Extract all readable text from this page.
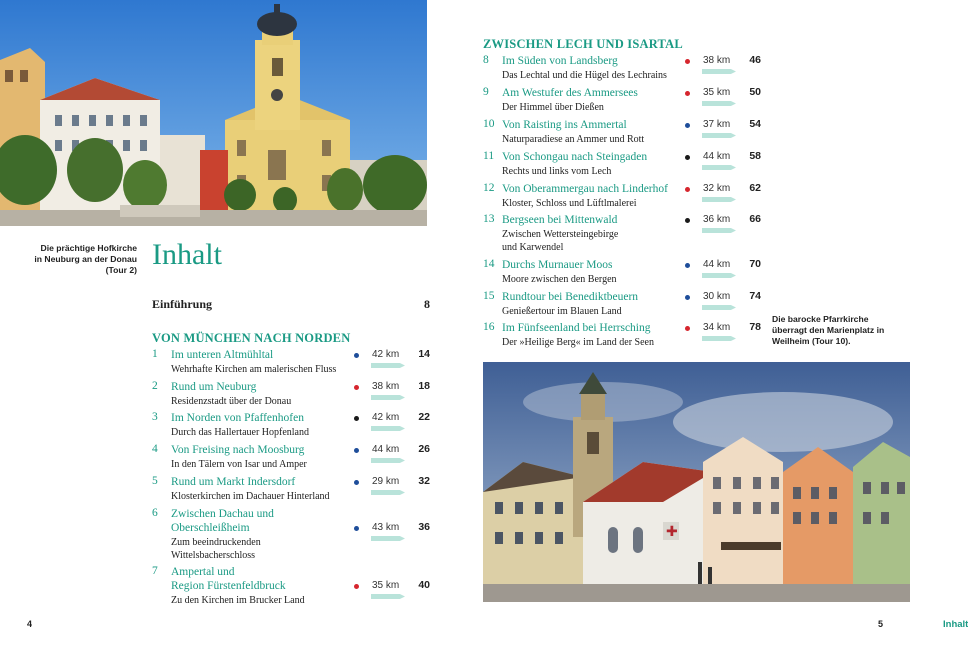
Die prächtige Hofkirche
in Neuburg an der Donau
(Tour 2) Inhalt
Einführung	8
VON MÜNCHEN NACH NORDEN
1 Im unteren Altmühltal
Wehrhafte Kirchen am malerischen Fluss
42 km 14
2 Rund um Neuburg
Residenzstadt über der Donau
38 km 18
3 Im Norden von Pfaffenhofen
Durch das Hallertauer Hopfenland
42 km 22
4 Von Freising nach Moosburg
In den Tälern von Isar und Amper
44 km 26
5 Rund um Markt Indersdorf
Klosterkirchen im Dachauer Hinterland
29 km 32
6 Zwischen Dachau und
Oberschleißheim
Zum beeindruckenden
Wittelsbacherschloss
43 km 36
7 Ampertal und
Region Fürstenfeldbruck
Zu den Kirchen im Brucker Land
35 km 40
4
ZWISCHEN LECH UND ISARTAL
8 Im Süden von Landsberg
Das Lechtal und die Hügel des Lechrains
38 km 46
9 Am Westufer des Ammersees
Der Himmel über Dießen
35 km 50
10 Von Raisting ins Ammertal
Naturparadiese an Ammer und Rott
37 km 54
11 Von Schongau nach Steingaden
Rechts und links vom Lech
44 km 58
12 Von Oberammergau nach Linderhof
Kloster, Schloss und Lüftlmalerei
32 km 62
13 Bergseen bei Mittenwald
Zwischen Wettersteingebirge
und Karwendel
36 km 66
14 Durchs Murnauer Moos
Moore zwischen den Bergen
44 km 70
15 Rundtour bei Benediktbeuern
Genießertour im Blauen Land
30 km 74
16 Im Fünfseenland bei Herrsching
Der »Heilige Berg« im Land der Seen
34 km 78
Die barocke Pfarrkirche
überragt den Marienplatz in
Weilheim (Tour 10).
✚
Inhalt
5
